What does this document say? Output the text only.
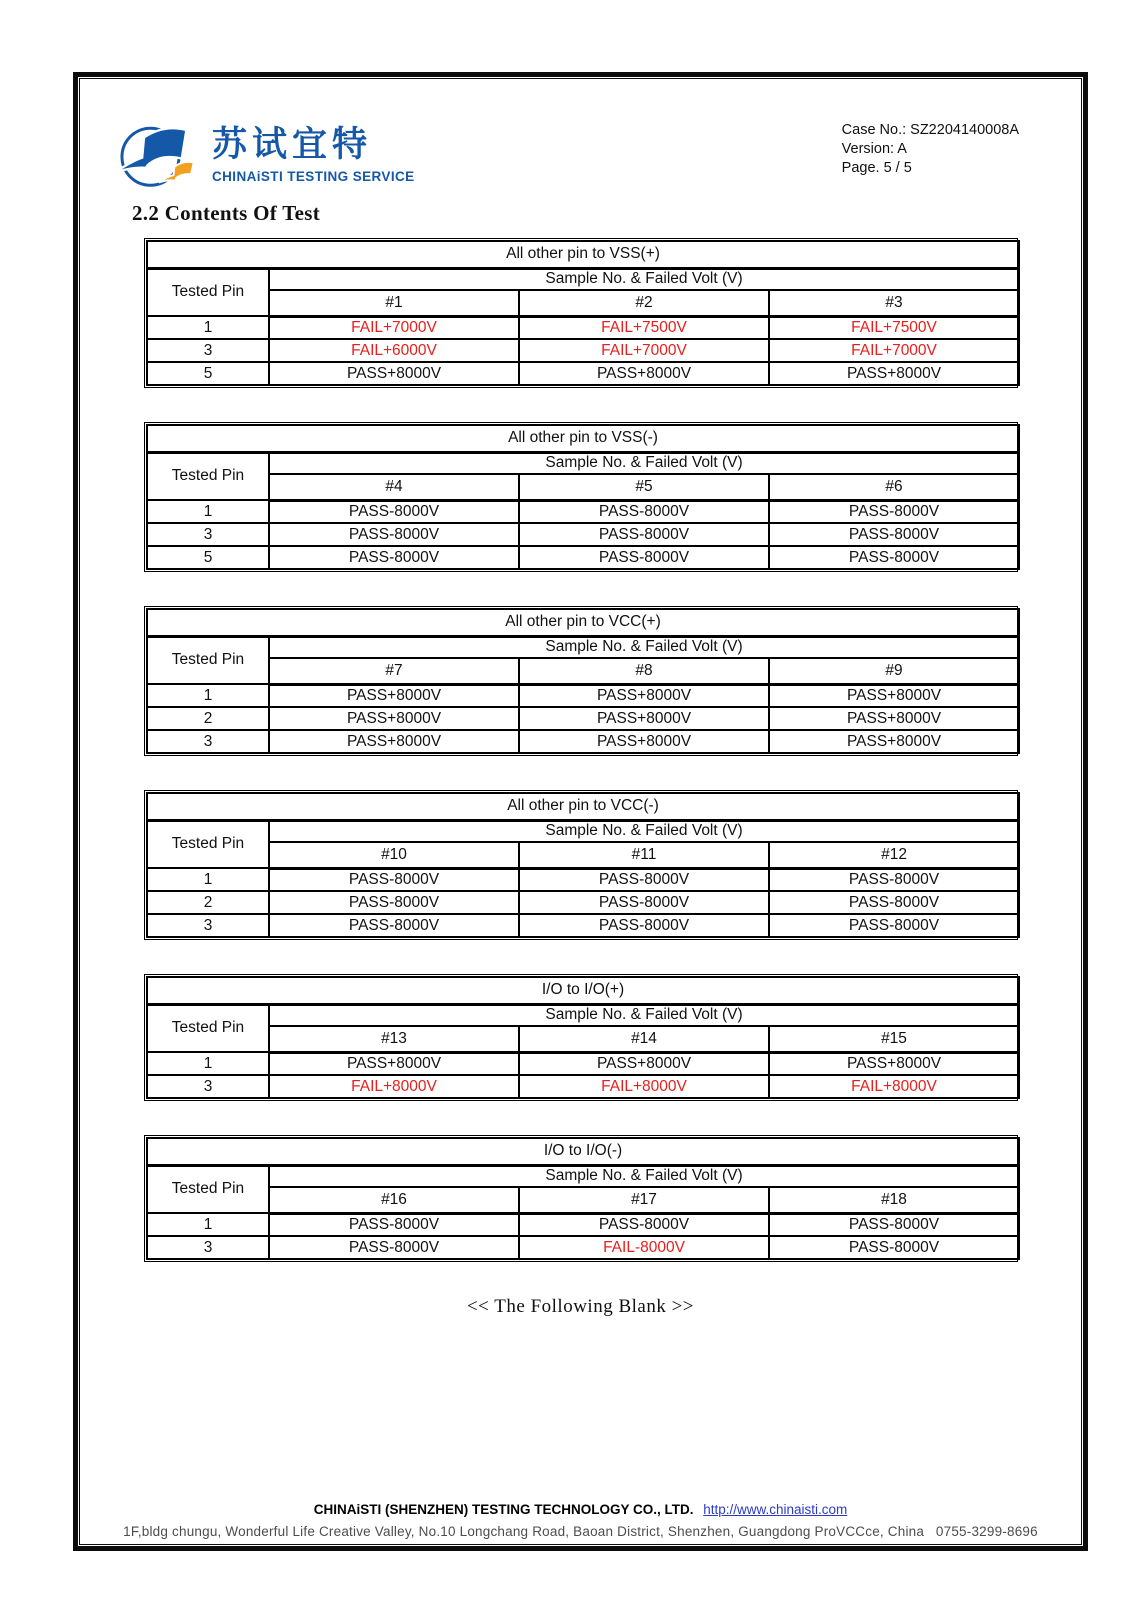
苏试宜特
CHINAiSTI TESTING SERVICE
Case No.: SZ2204140008A
Version: A
Page. 5 / 5
2.2 Contents Of Test
All other pin to VSS(+)			
Tested Pin	Sample No. & Failed Volt (V)		
	#1	#2	#3
1	FAIL+7000V	FAIL+7500V	FAIL+7500V
3	FAIL+6000V	FAIL+7000V	FAIL+7000V
5	PASS+8000V	PASS+8000V	PASS+8000V
All other pin to VSS(-)			
Tested Pin	Sample No. & Failed Volt (V)		
	#4	#5	#6
1	PASS-8000V	PASS-8000V	PASS-8000V
3	PASS-8000V	PASS-8000V	PASS-8000V
5	PASS-8000V	PASS-8000V	PASS-8000V
All other pin to VCC(+)			
Tested Pin	Sample No. & Failed Volt (V)		
	#7	#8	#9
1	PASS+8000V	PASS+8000V	PASS+8000V
2	PASS+8000V	PASS+8000V	PASS+8000V
3	PASS+8000V	PASS+8000V	PASS+8000V
All other pin to VCC(-)			
Tested Pin	Sample No. & Failed Volt (V)		
	#10	#11	#12
1	PASS-8000V	PASS-8000V	PASS-8000V
2	PASS-8000V	PASS-8000V	PASS-8000V
3	PASS-8000V	PASS-8000V	PASS-8000V
I/O to I/O(+)			
Tested Pin	Sample No. & Failed Volt (V)		
	#13	#14	#15
1	PASS+8000V	PASS+8000V	PASS+8000V
3	FAIL+8000V	FAIL+8000V	FAIL+8000V
I/O to I/O(-)			
Tested Pin	Sample No. & Failed Volt (V)		
	#16	#17	#18
1	PASS-8000V	PASS-8000V	PASS-8000V
3	PASS-8000V	FAIL-8000V	PASS-8000V
<< The Following Blank >>
CHINAiSTI (SHENZHEN) TESTING TECHNOLOGY CO., LTD. http://www.chinaisti.com
1F,bldg chungu, Wonderful Life Creative Valley, No.10 Longchang Road, Baoan District, Shenzhen, Guangdong ProVCCce, China   0755-3299-8696
